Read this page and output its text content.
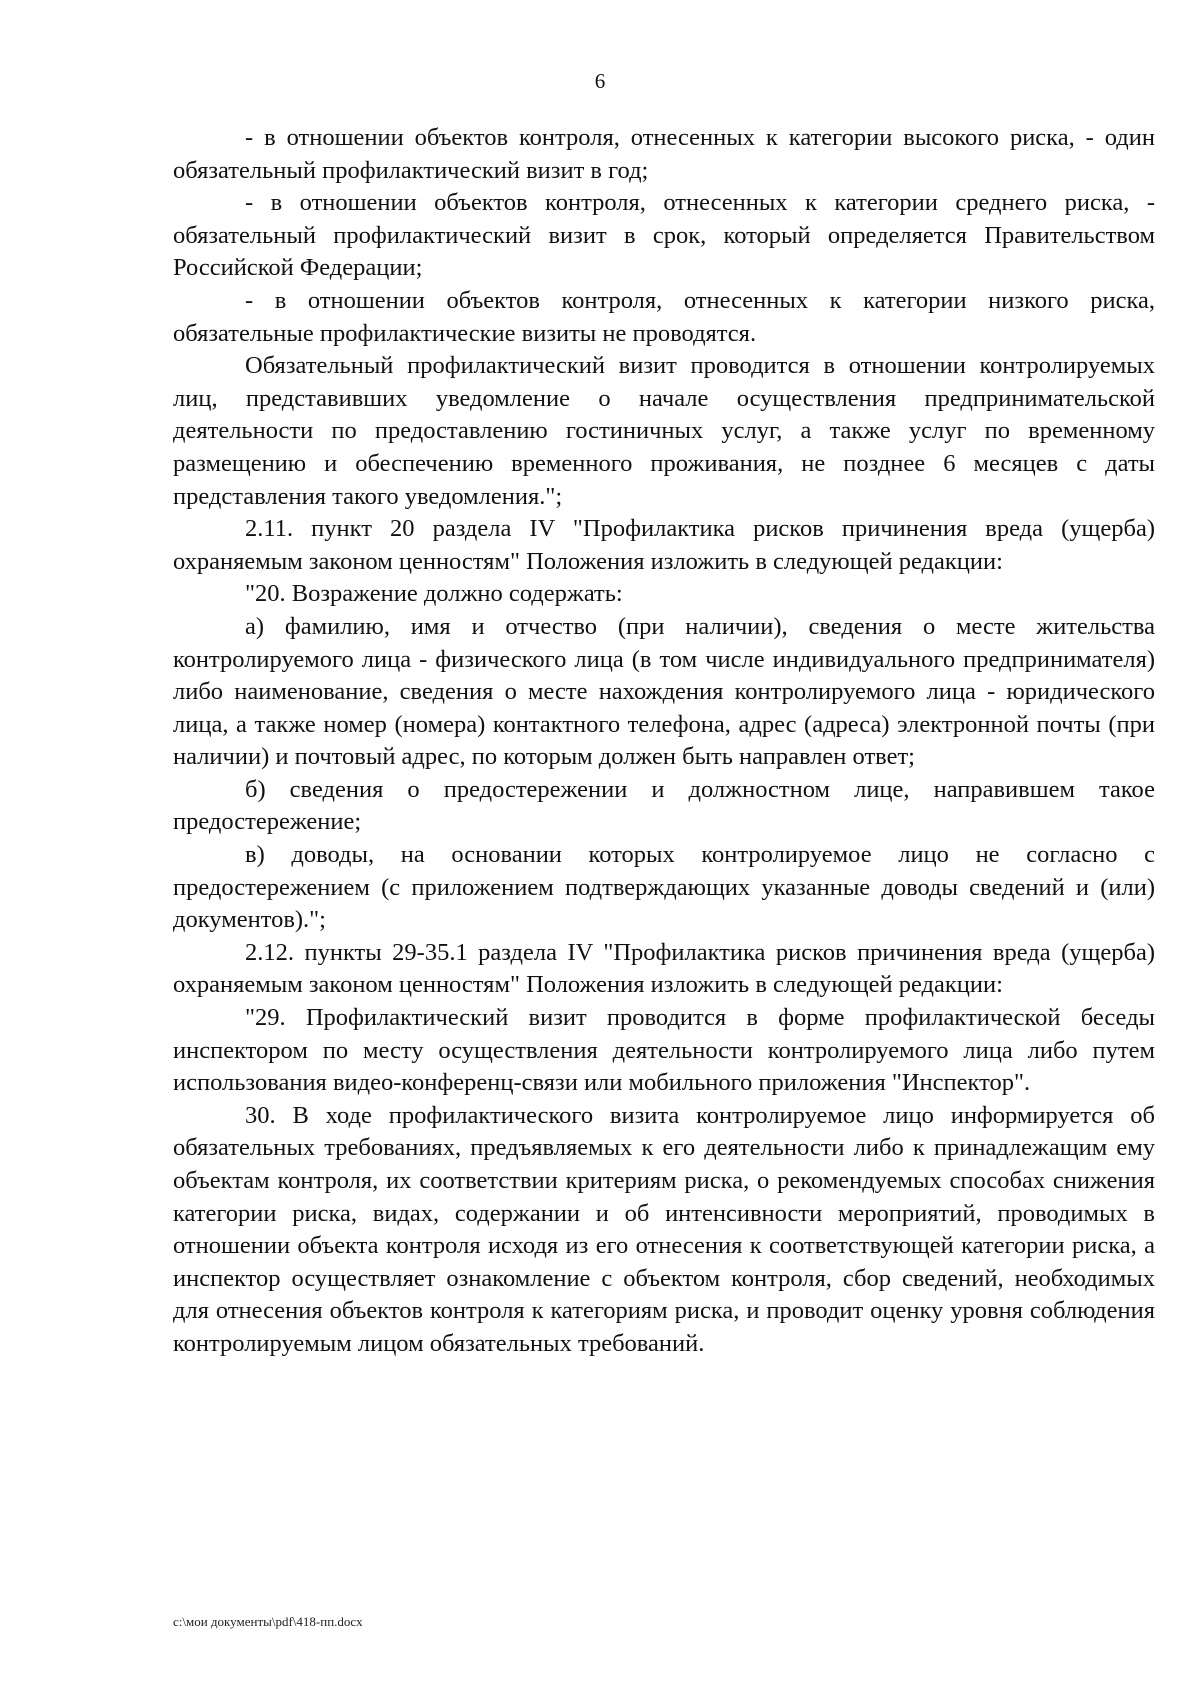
6

- в отношении объектов контроля, отнесенных к категории высокого риска, - один обязательный профилактический визит в год;

- в отношении объектов контроля, отнесенных к категории среднего риска, - обязательный профилактический визит в срок, который определяется Правительством Российской Федерации;

- в отношении объектов контроля, отнесенных к категории низкого риска, обязательные профилактические визиты не проводятся.

Обязательный профилактический визит проводится в отношении контролируемых лиц, представивших уведомление о начале осуществления предпринимательской деятельности по предоставлению гостиничных услуг, а также услуг по временному размещению и обеспечению временного проживания, не позднее 6 месяцев с даты представления такого уведомления.";

2.11. пункт 20 раздела IV "Профилактика рисков причинения вреда (ущерба) охраняемым законом ценностям" Положения изложить в следующей редакции:

"20. Возражение должно содержать:

а) фамилию, имя и отчество (при наличии), сведения о месте жительства контролируемого лица - физического лица (в том числе индивидуального предпринимателя) либо наименование, сведения о месте нахождения контролируемого лица - юридического лица, а также номер (номера) контактного телефона, адрес (адреса) электронной почты (при наличии) и почтовый адрес, по которым должен быть направлен ответ;

б) сведения о предостережении и должностном лице, направившем такое предостережение;

в) доводы, на основании которых контролируемое лицо не согласно с предостережением (с приложением подтверждающих указанные доводы сведений и (или) документов).";

2.12. пункты 29-35.1 раздела IV "Профилактика рисков причинения вреда (ущерба) охраняемым законом ценностям" Положения изложить в следующей редакции:

"29. Профилактический визит проводится в форме профилактической беседы инспектором по месту осуществления деятельности контролируемого лица либо путем использования видео-конференц-связи или мобильного приложения "Инспектор".

30. В ходе профилактического визита контролируемое лицо информируется об обязательных требованиях, предъявляемых к его деятельности либо к принадлежащим ему объектам контроля, их соответствии критериям риска, о рекомендуемых способах снижения категории риска, видах, содержании и об интенсивности мероприятий, проводимых в отношении объекта контроля исходя из его отнесения к соответствующей категории риска, а инспектор осуществляет ознакомление с объектом контроля, сбор сведений, необходимых для отнесения объектов контроля к категориям риска, и проводит оценку уровня соблюдения контролируемым лицом обязательных требований.

c:\мои документы\pdf\418-пп.docx
